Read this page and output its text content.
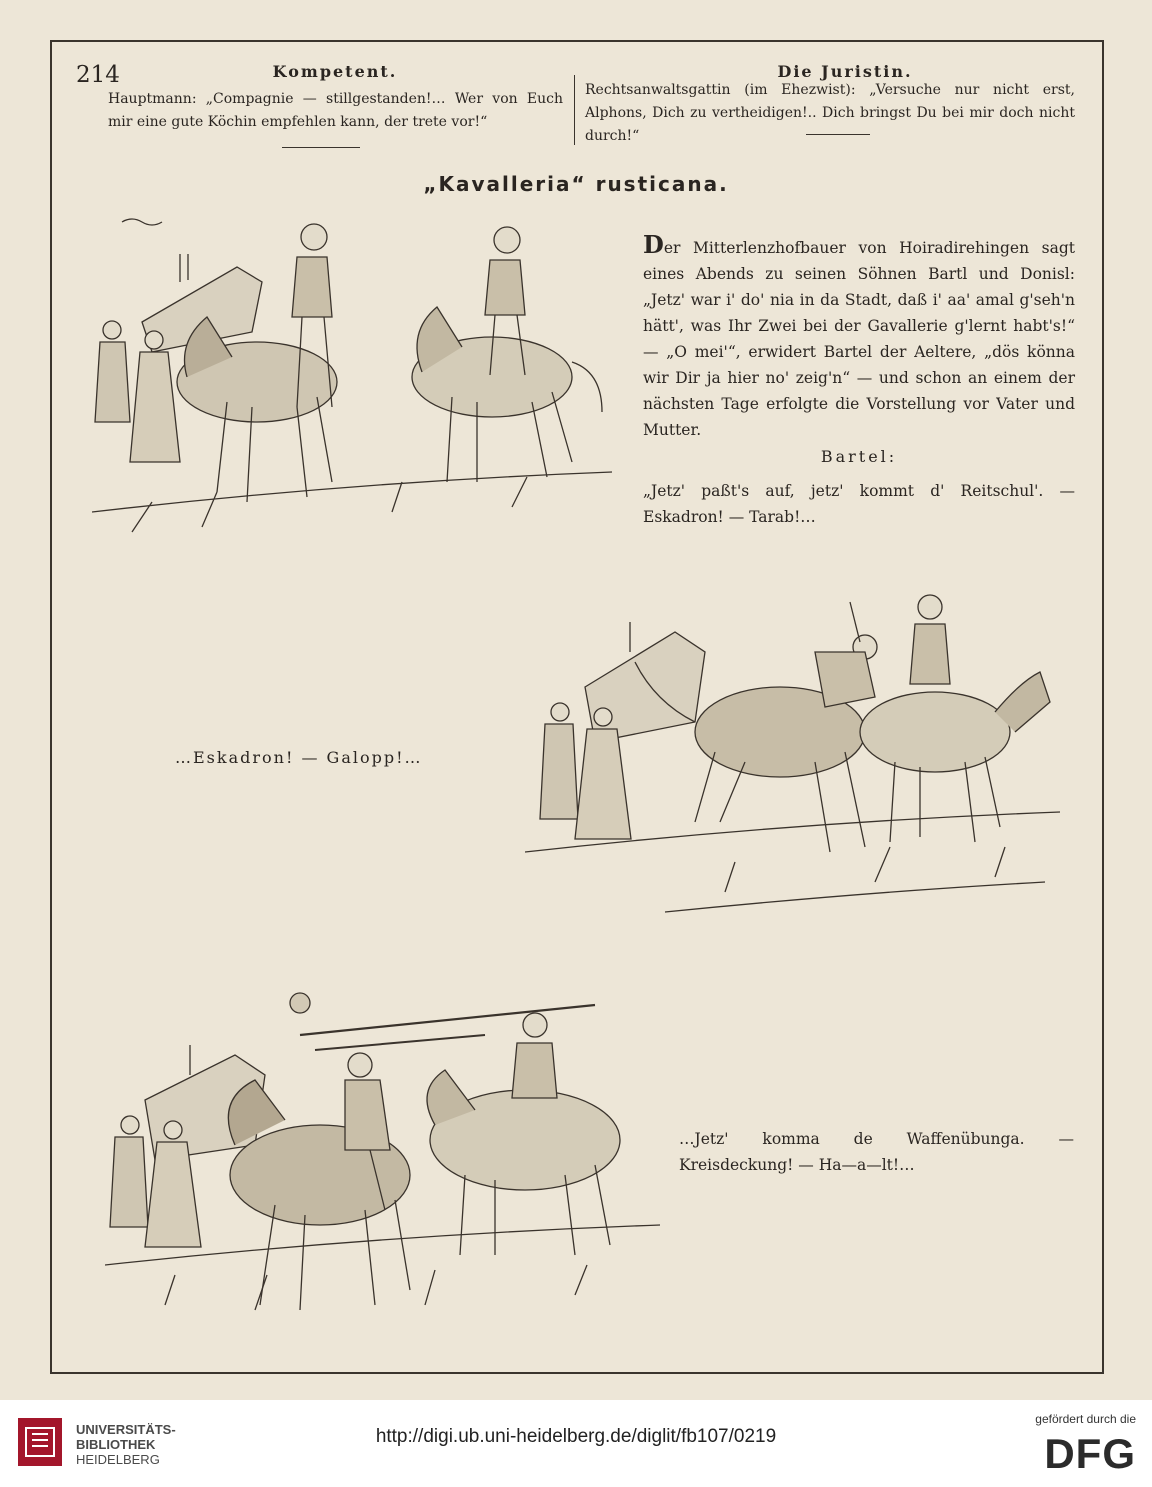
214	Kompetent.
Hauptmann: „Compagnie — stillgestanden!… Wer von Euch mir eine gute Köchin empfehlen kann, der trete vor!“
Die Juristin.
Rechtsanwaltsgattin (im Ehezwist): „Versuche nur nicht erst, Alphons, Dich zu vertheidigen!.. Dich bringst Du bei mir doch nicht durch!“
„Kavalleria“ rusticana.
Der Mitterlenzhofbauer von Hoiradirehingen sagt eines Abends zu seinen Söhnen Bartl und Donisl: „Jetz' war i' do' nia in da Stadt, daß i' aa' amal g'seh'n hätt', was Ihr Zwei bei der Gavallerie g'lernt habt's!“ — „O mei'“, erwidert Bartel der Aeltere, „dös könna wir Dir ja hier no' zeig'n“ — und schon an einem der nächsten Tage erfolgte die Vorstellung vor Vater und Mutter.
Bartel:
„Jetz' paßt's auf, jetz' kommt d' Reitschul'. — Eskadron! — Tarab!…
…Eskadron! — Galopp!…
…Jetz' komma de Waffenübunga. — Kreisdeckung! — Ha—a—lt!…
UNIVERSITÄTS-
BIBLIOTHEK
HEIDELBERG
http://digi.ub.uni-heidelberg.de/diglit/fb107/0219
gefördert durch die
DFG
